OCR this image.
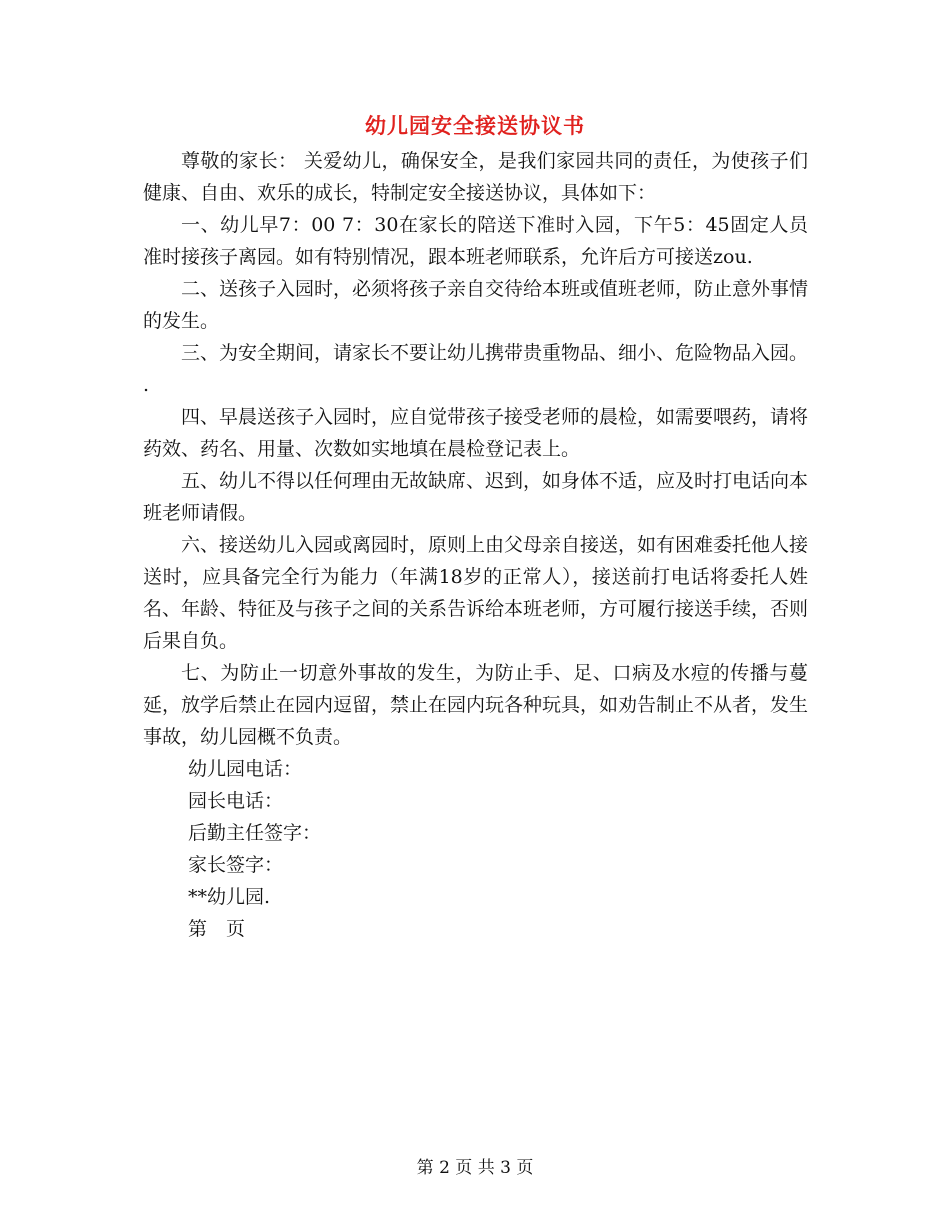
幼儿园安全接送协议书

尊敬的家长： 关爱幼儿，确保安全，是我们家园共同的责任，为使孩子们健康、自由、欢乐的成长，特制定安全接送协议，具体如下：

一、幼儿早7：00 7：30在家长的陪送下准时入园，下午5：45固定人员准时接孩子离园。如有特别情况，跟本班老师联系，允许后方可接送zou.

二、送孩子入园时，必须将孩子亲自交待给本班或值班老师，防止意外事情的发生。

三、为安全期间，请家长不要让幼儿携带贵重物品、细小、危险物品入园。 .

四、早晨送孩子入园时，应自觉带孩子接受老师的晨检，如需要喂药，请将药效、药名、用量、次数如实地填在晨检登记表上。

五、幼儿不得以任何理由无故缺席、迟到，如身体不适，应及时打电话向本班老师请假。

六、接送幼儿入园或离园时，原则上由父母亲自接送，如有困难委托他人接送时，应具备完全行为能力（年满18岁的正常人），接送前打电话将委托人姓名、年龄、特征及与孩子之间的关系告诉给本班老师，方可履行接送手续，否则后果自负。

七、为防止一切意外事故的发生，为防止手、足、口病及水痘的传播与蔓延，放学后禁止在园内逗留，禁止在园内玩各种玩具，如劝告制止不从者，发生事故，幼儿园概不负责。

幼儿园电话：

园长电话：

后勤主任签字：

家长签字：

**幼儿园.

第　页

第 2 页 共 3 页
